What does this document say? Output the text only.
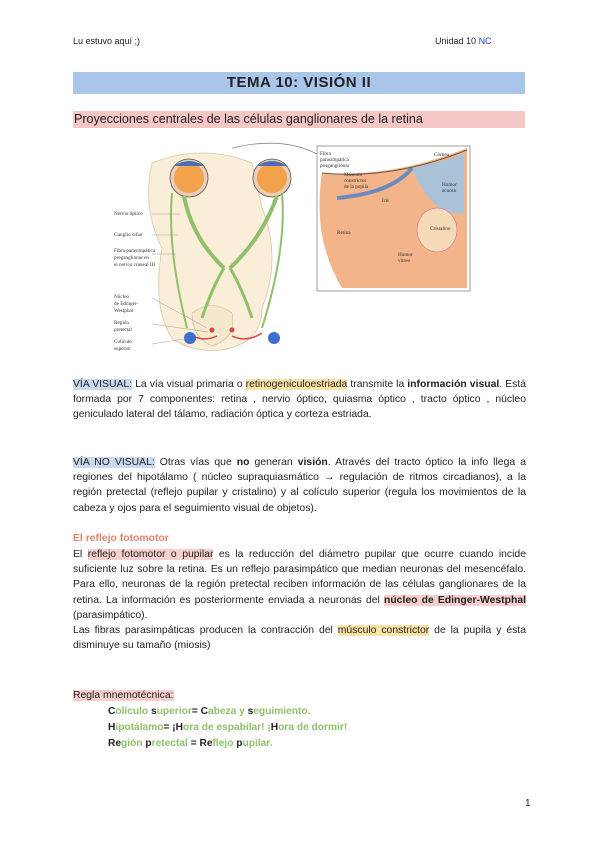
Lu estuvo aquí ;)	Unidad 10 NC
TEMA 10: VISIÓN II
Proyecciones centrales de las células ganglionares de la retina
Nervio óptico
Ganglio ciliar
Fibra parasimpática
preganglionar en
el nervio craneal III
Núcleo
de Edinger-
Westphal
Región
pretectal
Colículo
superior
Fibra
parasimpática
posganglionar
Músculo
constrictor
de la pupila
Iris
Córnea
Humor
acuoso
Cristalino
Retina
Humor
vítreo
VÍA VISUAL: La vía visual primaria o retinogeniculoestriada transmite la información visual. Está formada por 7 componentes: retina , nervio óptico, quiasma óptico , tracto óptico , núcleo geniculado lateral del tálamo, radiación óptica y corteza estriada.
VÍA NO VISUAL: Otras vías que no generan visión. Através del tracto óptico la info llega a regiones del hipotálamo ( núcleo supraquiasmático → regulación de ritmos circadianos), a la región pretectal (reflejo pupilar y cristalino) y al colículo superior (regula los movimientos de la cabeza y ojos para el seguimiento visual de objetos).
El reflejo fotomotor
El reflejo fotomotor o pupilar es la reducción del diámetro pupilar que ocurre cuando incide suficiente luz sobre la retina. Es un reflejo parasimpático que median neuronas del mesencéfalo. Para ello, neuronas de la región pretectal reciben información de las células ganglionares de la retina. La información es posteriormente enviada a neuronas del núcleo de Edinger-Westphal (parasimpático).
Las fibras parasimpáticas producen la contracción del músculo constrictor de la pupila y ésta disminuye su tamaño (miosis)
Regla mnemotécnica:
Colículo superior= Cabeza y seguimiento.
Hipotálamo= ¡Hora de espabilar! ¡Hora de dormir!
Región pretectal = Reflejo pupilar.
1
